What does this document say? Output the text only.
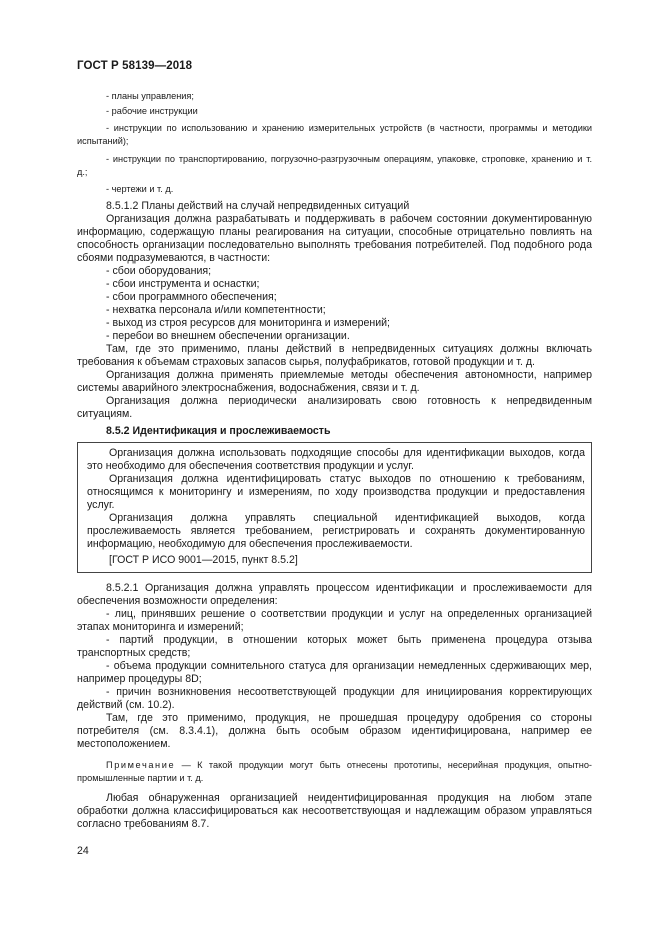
ГОСТ Р 58139—2018

- планы управления;

- рабочие инструкции

- инструкции по использованию и хранению измерительных устройств (в частности, программы и методики испытаний);

- инструкции по транспортированию, погрузочно-разгрузочным операциям, упаковке, строповке, хранению и т. д.;

- чертежи и т. д.

8.5.1.2 Планы действий на случай непредвиденных ситуаций

Организация должна разрабатывать и поддерживать в рабочем состоянии документированную информацию, содержащую планы реагирования на ситуации, способные отрицательно повлиять на способность организации последовательно выполнять требования потребителей. Под подобного рода сбоями подразумеваются, в частности:

- сбои оборудования;

- сбои инструмента и оснастки;

- сбои программного обеспечения;

- нехватка персонала и/или компетентности;

- выход из строя ресурсов для мониторинга и измерений;

- перебои во внешнем обеспечении организации.

Там, где это применимо, планы действий в непредвиденных ситуациях должны включать требования к объемам страховых запасов сырья, полуфабрикатов, готовой продукции и т. д.

Организация должна применять приемлемые методы обеспечения автономности, например системы аварийного электроснабжения, водоснабжения, связи и т. д.

Организация должна периодически анализировать свою готовность к непредвиденным ситуациям.

8.5.2 Идентификация и прослеживаемость

Организация должна использовать подходящие способы для идентификации выходов, когда это необходимо для обеспечения соответствия продукции и услуг.

Организация должна идентифицировать статус выходов по отношению к требованиям, относящимся к мониторингу и измерениям, по ходу производства продукции и предоставления услуг.

Организация должна управлять специальной идентификацией выходов, когда прослеживаемость является требованием, регистрировать и сохранять документированную информацию, необходимую для обеспечения прослеживаемости.

[ГОСТ Р ИСО 9001—2015, пункт 8.5.2]

8.5.2.1 Организация должна управлять процессом идентификации и прослеживаемости для обеспечения возможности определения:

- лиц, принявших решение о соответствии продукции и услуг на определенных организацией этапах мониторинга и измерений;

- партий продукции, в отношении которых может быть применена процедура отзыва транспортных средств;

- объема продукции сомнительного статуса для организации немедленных сдерживающих мер, например процедуры 8D;

- причин возникновения несоответствующей продукции для инициирования корректирующих действий (см. 10.2).

Там, где это применимо, продукция, не прошедшая процедуру одобрения со стороны потребителя (см. 8.3.4.1), должна быть особым образом идентифицирована, например ее местоположением.

Примечание — К такой продукции могут быть отнесены прототипы, несерийная продукция, опытно-промышленные партии и т. д.

Любая обнаруженная организацией неидентифицированная продукция на любом этапе обработки должна классифицироваться как несоответствующая и надлежащим образом управляться согласно требованиям 8.7.

24
